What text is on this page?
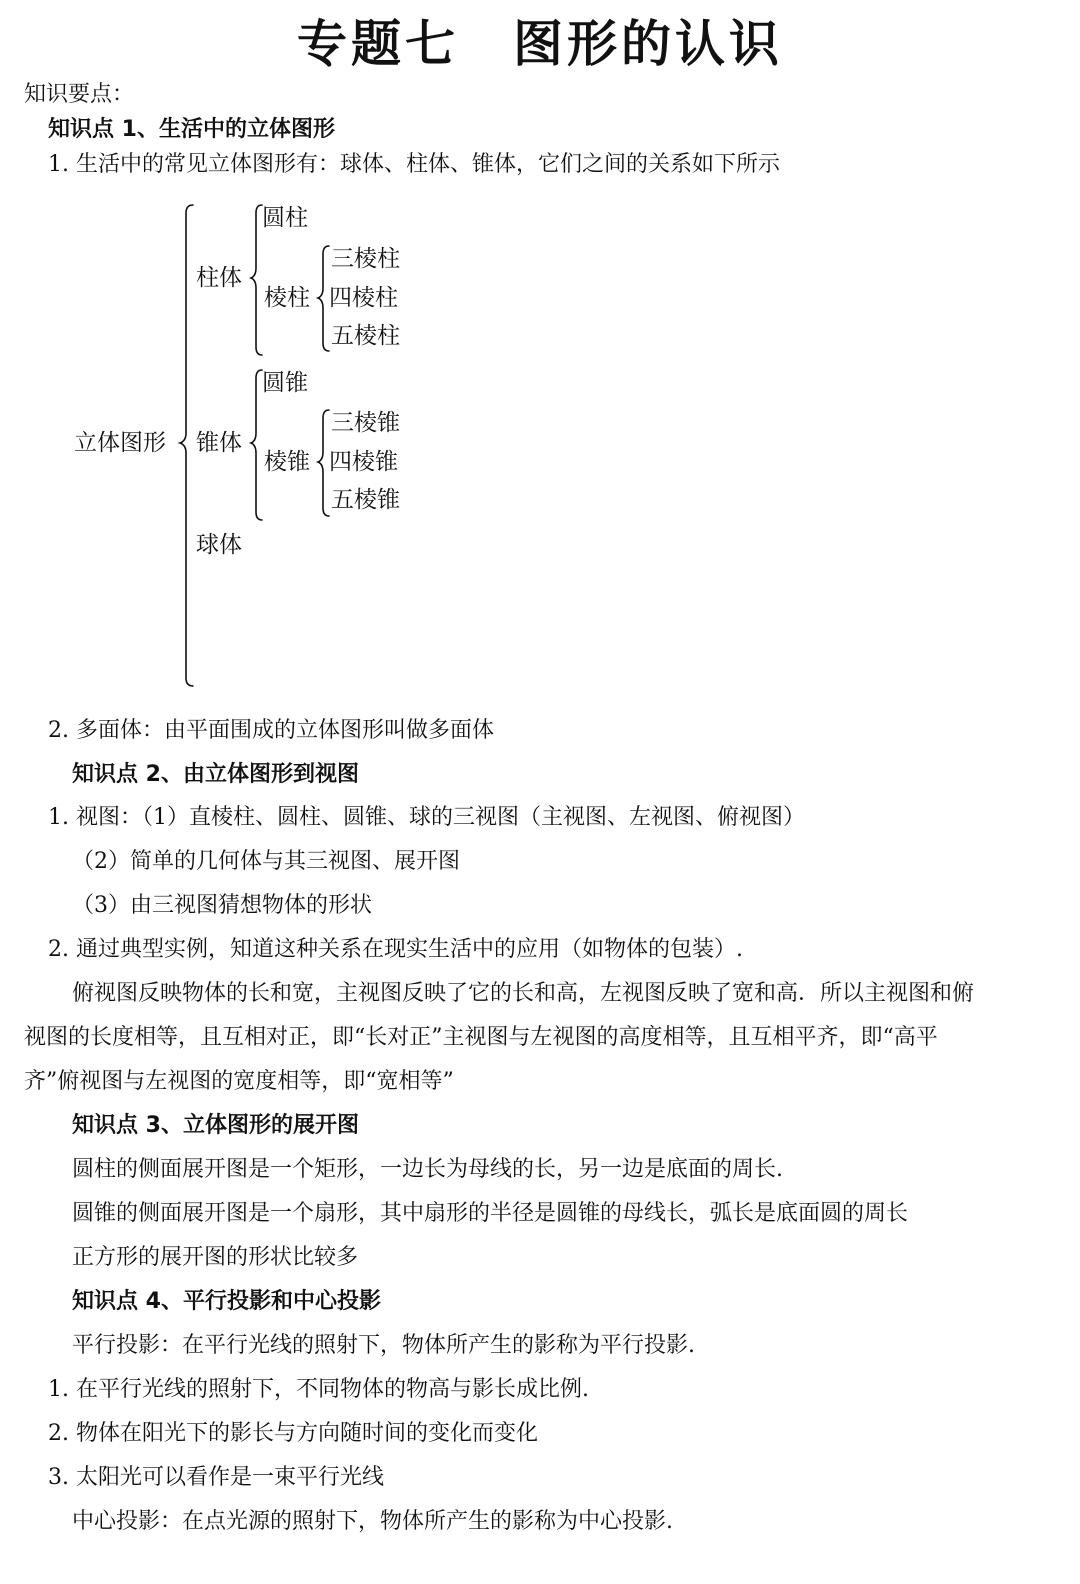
专题七　图形的认识
知识要点：
知识点 1、生活中的立体图形
1. 生活中的常见立体图形有：球体、柱体、锥体，它们之间的关系如下所示
立体图形
柱体
圆柱
棱柱
三棱柱
四棱柱
五棱柱
锥体
圆锥
棱锥
三棱锥
四棱锥
五棱锥
球体
2. 多面体：由平面围成的立体图形叫做多面体
知识点 2、由立体图形到视图
1. 视图：（1）直棱柱、圆柱、圆锥、球的三视图（主视图、左视图、俯视图）
（2）简单的几何体与其三视图、展开图
（3）由三视图猜想物体的形状
2. 通过典型实例，知道这种关系在现实生活中的应用（如物体的包装）.
俯视图反映物体的长和宽，主视图反映了它的长和高，左视图反映了宽和高．所以主视图和俯
视图的长度相等，且互相对正，即“长对正”主视图与左视图的高度相等，且互相平齐，即“高平
齐”俯视图与左视图的宽度相等，即“宽相等”
知识点 3、立体图形的展开图
圆柱的侧面展开图是一个矩形，一边长为母线的长，另一边是底面的周长.
圆锥的侧面展开图是一个扇形，其中扇形的半径是圆锥的母线长，弧长是底面圆的周长
正方形的展开图的形状比较多
知识点 4、平行投影和中心投影
平行投影：在平行光线的照射下，物体所产生的影称为平行投影.
1. 在平行光线的照射下，不同物体的物高与影长成比例.
2. 物体在阳光下的影长与方向随时间的变化而变化
3. 太阳光可以看作是一束平行光线
中心投影：在点光源的照射下，物体所产生的影称为中心投影.
